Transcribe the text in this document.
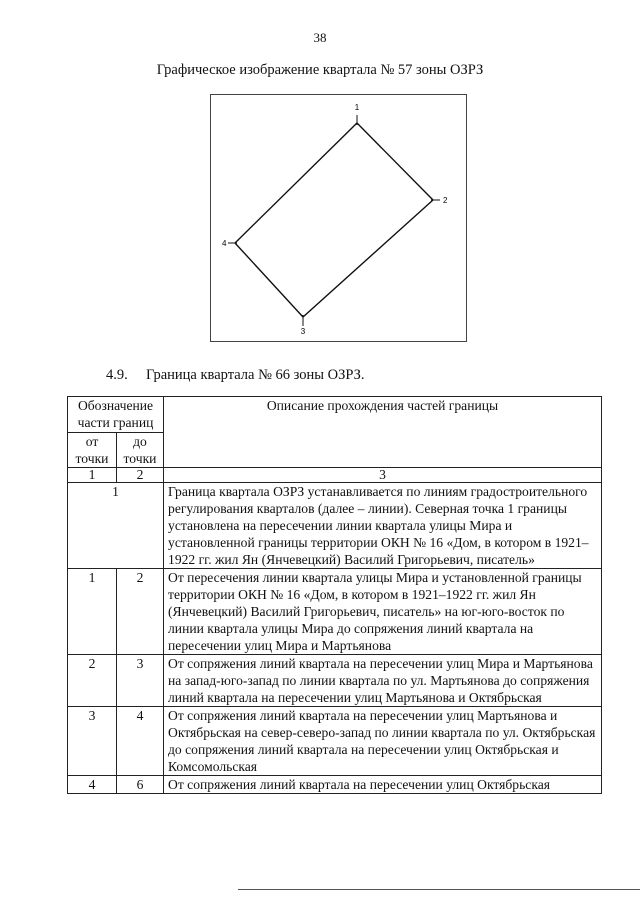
38
Графическое изображение квартала № 57 зоны ОЗРЗ
1
2
3
4
4.9. Граница квартала № 66 зоны ОЗРЗ.
Обозначение части границ		Описание прохождения частей границы
от точки	до точки	
1	2	3
1		Граница квартала ОЗРЗ устанавливается по линиям градостроительного регулирования кварталов (далее – линии). Северная точка 1 границы установлена на пересечении линии квартала улицы Мира и установленной границы территории ОКН № 16 «Дом, в котором в 1921–1922 гг. жил Ян (Янчевецкий) Василий Григорьевич, писатель»
1	2	От пересечения линии квартала улицы Мира и установленной границы территории ОКН № 16 «Дом, в котором в 1921–1922 гг. жил Ян (Янчевецкий) Василий Григорьевич, писатель» на юг-юго-восток по линии квартала улицы Мира до сопряжения линий квартала на пересечении улиц Мира и Мартьянова
2	3	От сопряжения линий квартала на пересечении улиц Мира и Мартьянова на запад-юго-запад по линии квартала по ул. Мартьянова до сопряжения линий квартала на пересечении улиц Мартьянова и Октябрьская
3	4	От сопряжения линий квартала на пересечении улиц Мартьянова и Октябрьская на север-северо-запад по линии квартала по ул. Октябрьская до сопряжения линий квартала на пересечении улиц Октябрьская и Комсомольская
4	6	От сопряжения линий квартала на пересечении улиц Октябрьская
